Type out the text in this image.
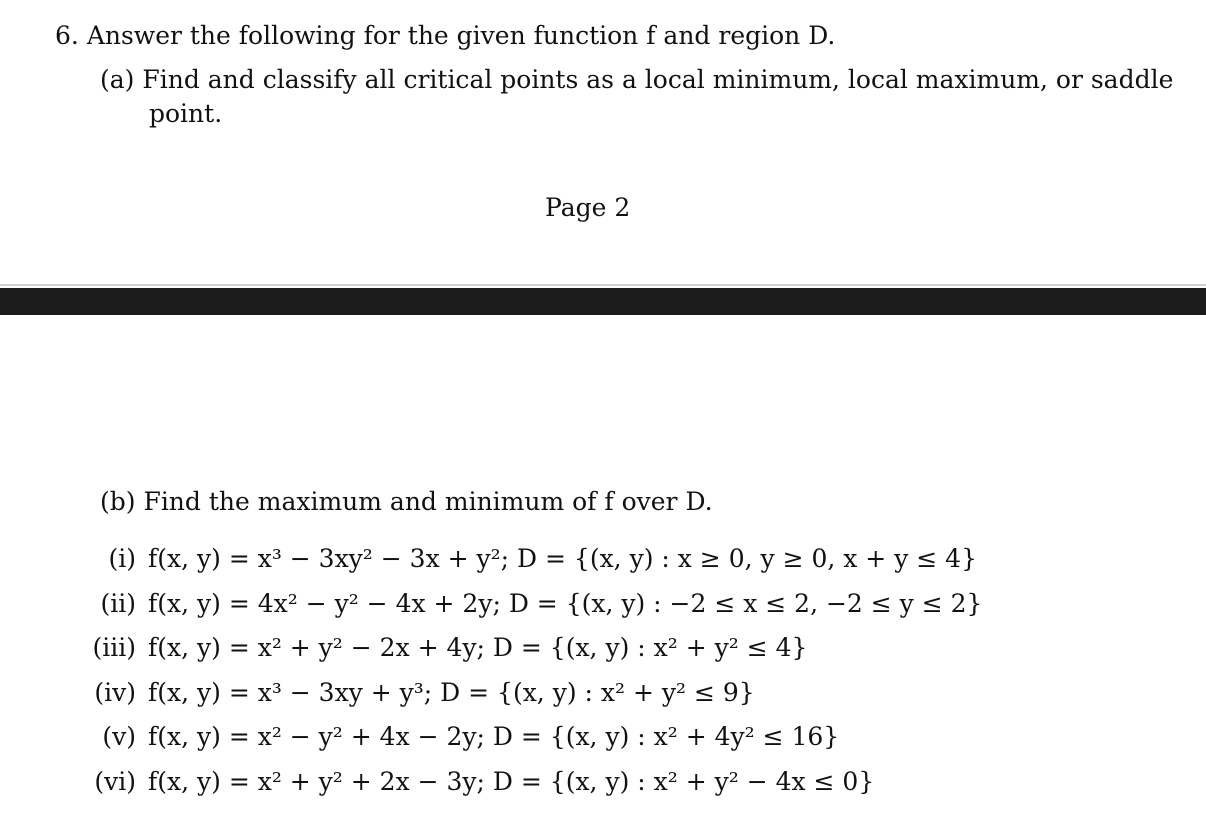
6. Answer the following for the given function f and region D.
(a) Find and classify all critical points as a local minimum, local maximum, or saddle
point.
Page 2
(b) Find the maximum and minimum of f over D.
(i) f(x, y) = x³ − 3xy² − 3x + y²; D = {(x, y) : x ≥ 0, y ≥ 0, x + y ≤ 4}
(ii) f(x, y) = 4x² − y² − 4x + 2y; D = {(x, y) : −2 ≤ x ≤ 2, −2 ≤ y ≤ 2}
(iii) f(x, y) = x² + y² − 2x + 4y; D = {(x, y) : x² + y² ≤ 4}
(iv) f(x, y) = x³ − 3xy + y³; D = {(x, y) : x² + y² ≤ 9}
(v) f(x, y) = x² − y² + 4x − 2y; D = {(x, y) : x² + 4y² ≤ 16}
(vi) f(x, y) = x² + y² + 2x − 3y; D = {(x, y) : x² + y² − 4x ≤ 0}
